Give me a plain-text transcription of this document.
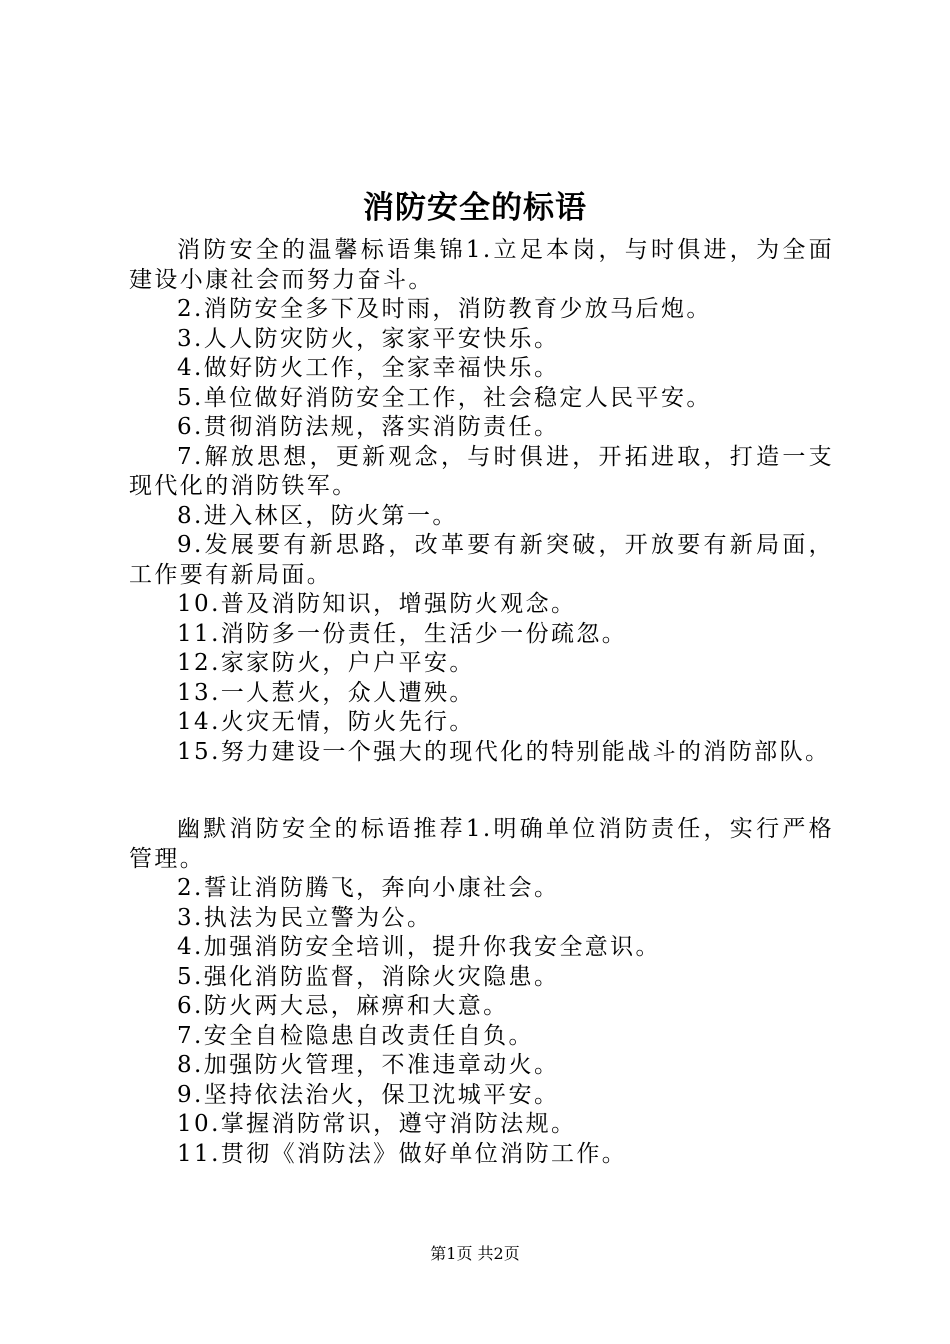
消防安全的标语

消防安全的温馨标语集锦1.立足本岗，与时俱进，为全面建设小康社会而努力奋斗。

2.消防安全多下及时雨，消防教育少放马后炮。

3.人人防灾防火，家家平安快乐。

4.做好防火工作，全家幸福快乐。

5.单位做好消防安全工作，社会稳定人民平安。

6.贯彻消防法规，落实消防责任。

7.解放思想，更新观念，与时俱进，开拓进取，打造一支现代化的消防铁军。

8.进入林区，防火第一。

9.发展要有新思路，改革要有新突破，开放要有新局面，工作要有新局面。

10.普及消防知识，增强防火观念。

11.消防多一份责任，生活少一份疏忽。

12.家家防火，户户平安。

13.一人惹火，众人遭殃。

14.火灾无情，防火先行。

15.努力建设一个强大的现代化的特别能战斗的消防部队。

幽默消防安全的标语推荐1.明确单位消防责任，实行严格管理。

2.誓让消防腾飞，奔向小康社会。

3.执法为民立警为公。

4.加强消防安全培训，提升你我安全意识。

5.强化消防监督，消除火灾隐患。

6.防火两大忌，麻痹和大意。

7.安全自检隐患自改责任自负。

8.加强防火管理，不准违章动火。

9.坚持依法治火，保卫沈城平安。

10.掌握消防常识，遵守消防法规。

11.贯彻《消防法》做好单位消防工作。

第1页 共2页
